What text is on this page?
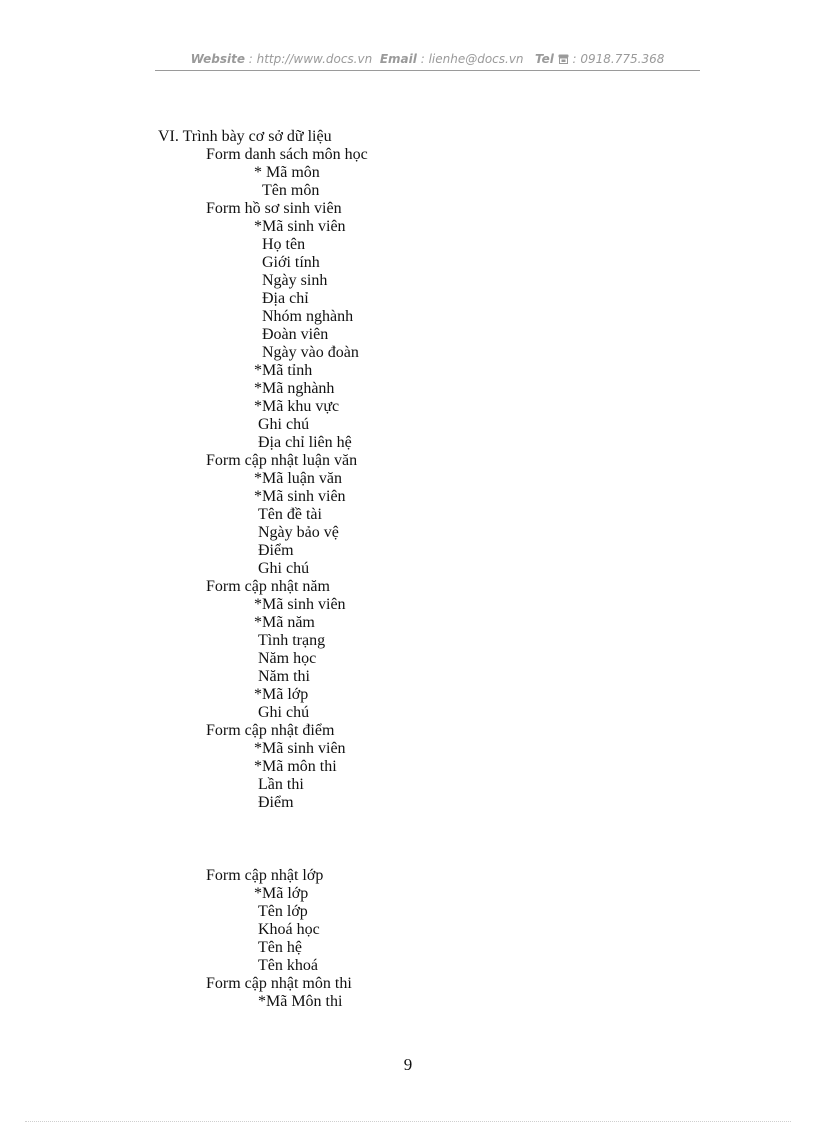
Website : http://www.docs.vn Email : lienhe@docs.vn Tel  : 0918.775.368
VI. Trình bày cơ sở dữ liệu
Form danh sách môn học
* Mã môn
Tên môn
Form hồ sơ sinh viên
*Mã sinh viên
Họ tên
Giới tính
Ngày sinh
Địa chỉ
Nhóm nghành
Đoàn viên
Ngày vào đoàn
*Mã tỉnh
*Mã nghành
*Mã khu vực
Ghi chú
Địa chỉ liên hệ
Form cập nhật luận văn
*Mã luận văn
*Mã sinh viên
Tên đề tài
Ngày bảo vệ
Điểm
Ghi chú
Form cập nhật năm
*Mã sinh viên
*Mã năm
Tình trạng
Năm học
Năm thi
*Mã lớp
Ghi chú
Form cập nhật điểm
*Mã sinh viên
*Mã môn thi
Lần thi
Điểm
Form cập nhật lớp
*Mã lớp
Tên lớp
Khoá học
Tên hệ
Tên khoá
Form cập nhật môn thi
*Mã Môn thi
9
